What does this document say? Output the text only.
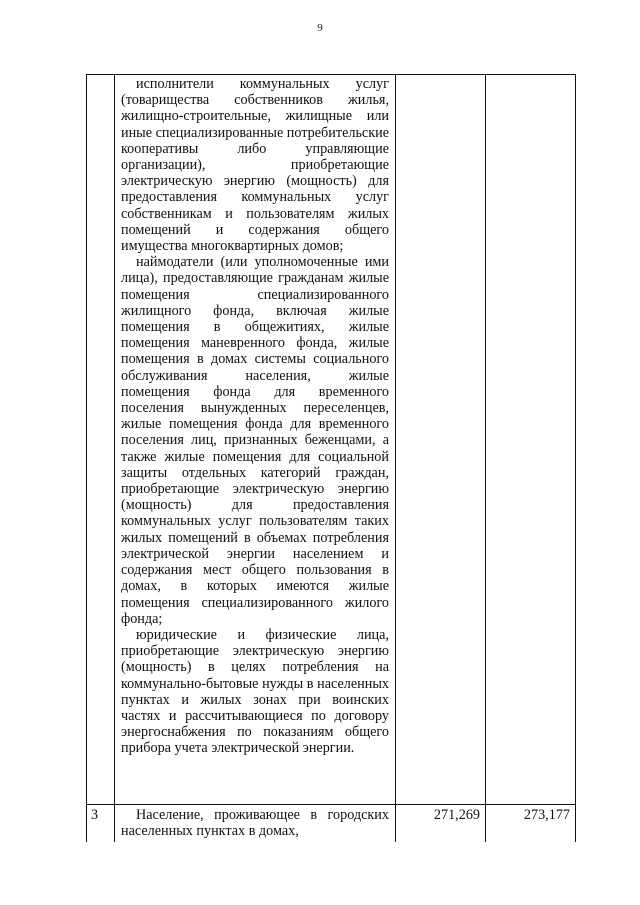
9

	исполнители коммунальных услуг (товарищества собственников жилья, жилищно-строительные, жилищные или иные специализированные потребительские кооперативы либо управляющие организации), приобретающие электрическую энергию (мощность) для предоставления коммунальных услуг собственникам и пользователям жилых помещений и содержания общего имущества многоквартирных домов;

наймодатели (или уполномоченные ими лица), предоставляющие гражданам жилые помещения специализированного жилищного фонда, включая жилые помещения в общежитиях, жилые помещения маневренного фонда, жилые помещения в домах системы социального обслуживания населения, жилые помещения фонда для временного поселения вынужденных переселенцев, жилые помещения фонда для временного поселения лиц, признанных беженцами, а также жилые помещения для социальной защиты отдельных категорий граждан, приобретающие электрическую энергию (мощность) для предоставления коммунальных услуг пользователям таких жилых помещений в объемах потребления электрической энергии населением и содержания мест общего пользования в домах, в которых имеются жилые помещения специализированного жилого фонда;

юридические и физические лица, приобретающие электрическую энергию (мощность) в целях потребления на коммунально-бытовые нужды в населенных пунктах и жилых зонах при воинских частях и рассчитывающиеся по договору энергоснабжения по показаниям общего прибора учета электрической энергии.		

3	Население, проживающее в городских населенных пунктах в домах,	271,269	273,177
